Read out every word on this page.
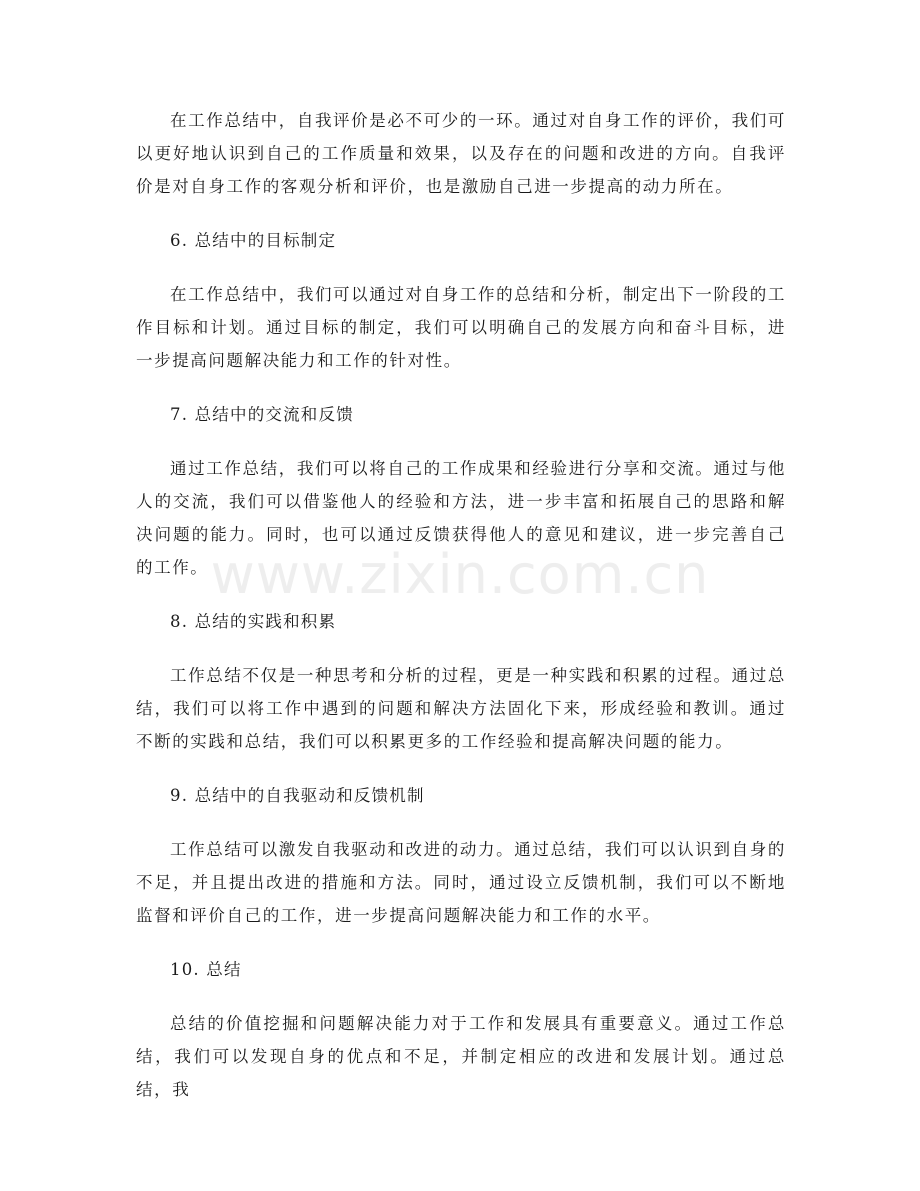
在工作总结中，自我评价是必不可少的一环。通过对自身工作的评价，我们可以更好地认识到自己的工作质量和效果，以及存在的问题和改进的方向。自我评价是对自身工作的客观分析和评价，也是激励自己进一步提高的动力所在。

6. 总结中的目标制定

在工作总结中，我们可以通过对自身工作的总结和分析，制定出下一阶段的工作目标和计划。通过目标的制定，我们可以明确自己的发展方向和奋斗目标，进一步提高问题解决能力和工作的针对性。

7. 总结中的交流和反馈

通过工作总结，我们可以将自己的工作成果和经验进行分享和交流。通过与他人的交流，我们可以借鉴他人的经验和方法，进一步丰富和拓展自己的思路和解决问题的能力。同时，也可以通过反馈获得他人的意见和建议，进一步完善自己的工作。

8. 总结的实践和积累

工作总结不仅是一种思考和分析的过程，更是一种实践和积累的过程。通过总结，我们可以将工作中遇到的问题和解决方法固化下来，形成经验和教训。通过不断的实践和总结，我们可以积累更多的工作经验和提高解决问题的能力。

9. 总结中的自我驱动和反馈机制

工作总结可以激发自我驱动和改进的动力。通过总结，我们可以认识到自身的不足，并且提出改进的措施和方法。同时，通过设立反馈机制，我们可以不断地监督和评价自己的工作，进一步提高问题解决能力和工作的水平。

10. 总结

总结的价值挖掘和问题解决能力对于工作和发展具有重要意义。通过工作总结，我们可以发现自身的优点和不足，并制定相应的改进和发展计划。通过总结，我

www.zixin.com.cn
